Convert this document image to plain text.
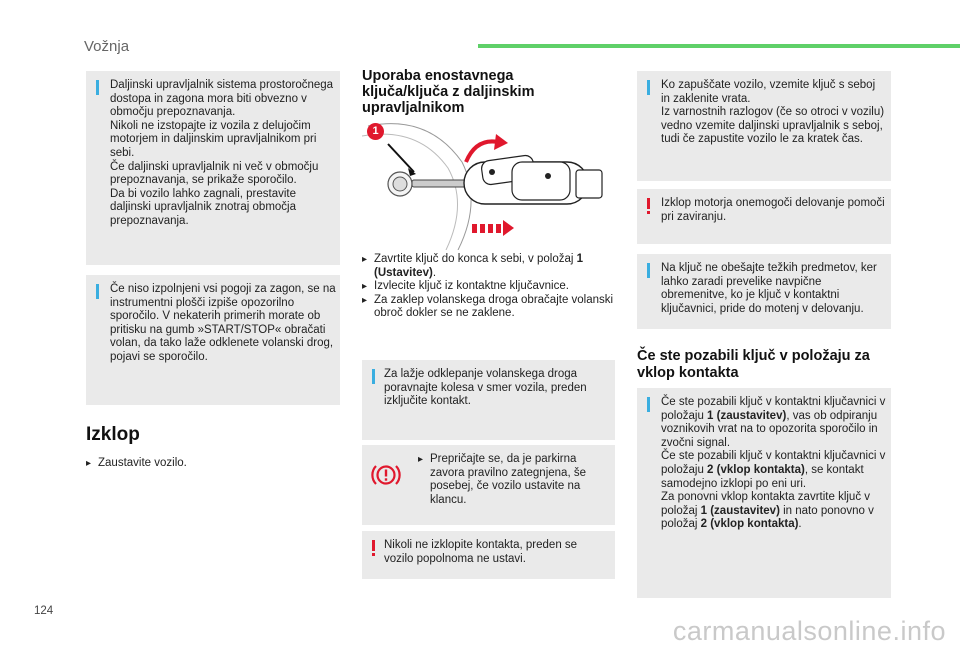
Vožnja
Daljinski upravljalnik sistema prostoročnega dostopa in zagona mora biti obvezno v območju prepoznavanja.
Nikoli ne izstopajte iz vozila z delujočim motorjem in daljinskim upravljalnikom pri sebi.
Če daljinski upravljalnik ni več v območju prepoznavanja, se prikaže sporočilo.
Da bi vozilo lahko zagnali, prestavite daljinski upravljalnik znotraj območja prepoznavanja.
Če niso izpolnjeni vsi pogoji za zagon, se na instrumentni plošči izpiše opozorilno sporočilo. V nekaterih primerih morate ob pritisku na gumb »START/STOP« obračati volan, da tako laže odklenete volanski drog, pojavi se sporočilo.
Izklop
▸ Zaustavite vozilo.
Uporaba enostavnega ključa/ključa z daljinskim upravljalnikom
1
▸ Zavrtite ključ do konca k sebi, v položaj 1 (Ustavitev).
▸ Izvlecite ključ iz kontaktne ključavnice.
▸ Za zaklep volanskega droga obračajte volanski obroč dokler se ne zaklene.
Za lažje odklepanje volanskega droga poravnajte kolesa v smer vozila, preden izključite kontakt.
▸ Prepričajte se, da je parkirna zavora pravilno zategnjena, še posebej, če vozilo ustavite na klancu.
Nikoli ne izklopite kontakta, preden se vozilo popolnoma ne ustavi.
Ko zapuščate vozilo, vzemite ključ s seboj in zaklenite vrata.
Iz varnostnih razlogov (če so otroci v vozilu) vedno vzemite daljinski upravljalnik s seboj, tudi če zapustite vozilo le za kratek čas.
Izklop motorja onemogoči delovanje pomoči pri zaviranju.
Na ključ ne obešajte težkih predmetov, ker lahko zaradi prevelike navpične obremenitve, ko je ključ v kontaktni ključavnici, pride do motenj v delovanju.
Če ste pozabili ključ v položaju za vklop kontakta
Če ste pozabili ključ v kontaktni ključavnici v položaju 1 (zaustavitev), vas ob odpiranju voznikovih vrat na to opozorita sporočilo in zvočni signal.
Če ste pozabili ključ v kontaktni ključavnici v položaju 2 (vklop kontakta), se kontakt samodejno izklopi po eni uri.
Za ponovni vklop kontakta zavrtite ključ v položaj 1 (zaustavitev) in nato ponovno v položaj 2 (vklop kontakta).
124
carmanualsonline.info
